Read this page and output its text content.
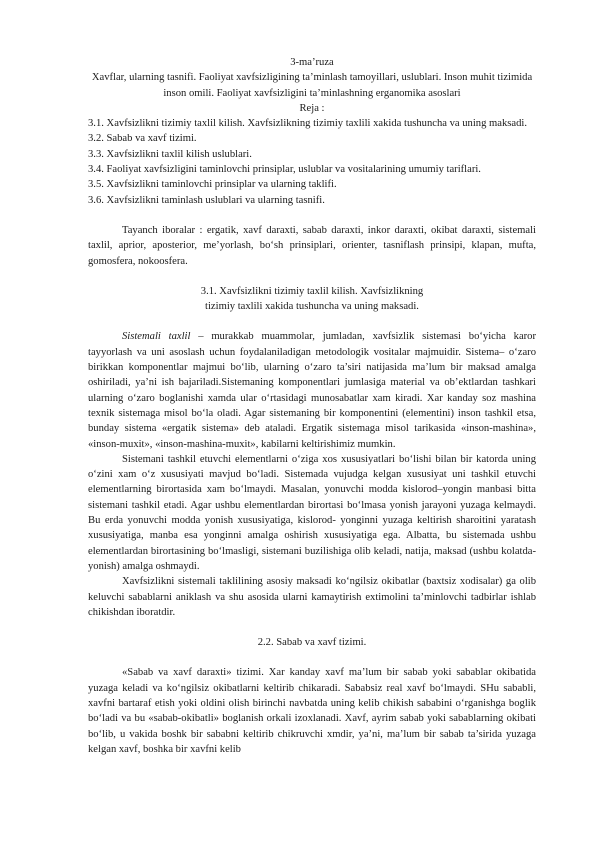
3-ma’ruza

Xavflar, ularning tasnifi. Faoliyat xavfsizligining ta’minlash tamoyillari, uslublari. Inson muhit tizimida inson omili. Faoliyat xavfsizligini ta’minlashning erganomika asoslari

Reja :

3.1. Xavfsizlikni tizimiy taxlil kilish. Xavfsizlikning tizimiy taxlili xakida tushuncha va uning maksadi.

3.2. Sabab va xavf tizimi.

3.3. Xavfsizlikni taxlil kilish uslublari.

3.4. Faoliyat xavfsizligini taminlovchi prinsiplar, uslublar va vositalarining umumiy tariflari.

3.5. Xavfsizlikni taminlovchi prinsiplar va ularning taklifi.

3.6. Xavfsizlikni taminlash uslublari va ularning tasnifi.

Tayanch iboralar : ergatik, xavf daraxti, sabab daraxti, inkor daraxti, okibat daraxti, sistemali taxlil, aprior, aposterior, me’yorlash, bo‘sh prinsiplari, orienter, tasniflash prinsipi, klapan, mufta, gomosfera, nokoosfera.

3.1. Xavfsizlikni tizimiy taxlil kilish. Xavfsizlikning

tizimiy taxlili xakida tushuncha va uning maksadi.

Sistemali taxlil – murakkab muammolar, jumladan, xavfsizlik sistemasi bo‘yicha karor tayyorlash va uni asoslash uchun foydalaniladigan metodologik vositalar majmuidir. Sistema– o‘zaro birikkan komponentlar majmui bo‘lib, ularning o‘zaro ta’siri natijasida ma’lum bir maksad amalga oshiriladi, ya’ni ish bajariladi.Sistemaning komponentlari jumlasiga material va ob’ektlardan tashkari ularning o‘zaro boglanishi xamda ular o‘rtasidagi munosabatlar xam kiradi. Xar kanday soz mashina texnik sistemaga misol bo‘la oladi. Agar sistemaning bir komponentini (elementini) inson tashkil etsa, bunday sistema «ergatik sistema» deb ataladi. Ergatik sistemaga misol tarikasida «inson-mashina», «inson-muxit», «inson-mashina-muxit», kabilarni keltirishimiz mumkin.

Sistemani tashkil etuvchi elementlarni o‘ziga xos xususiyatlari bo‘lishi bilan bir katorda uning o‘zini xam o‘z xususiyati mavjud bo‘ladi. Sistemada vujudga kelgan xususiyat uni tashkil etuvchi elementlarning birortasida xam bo‘lmaydi. Masalan, yonuvchi modda kislorod–yongin manbasi bitta sistemani tashkil etadi. Agar ushbu elementlardan birortasi bo‘lmasa yonish jarayoni yuzaga kelmaydi. Bu erda yonuvchi modda yonish xususiyatiga, kislorod- yonginni yuzaga keltirish sharoitini yaratash xususiyatiga, manba esa yonginni amalga oshirish xususiyatiga ega. Albatta, bu sistemada ushbu elementlardan birortasining bo‘lmasligi, sistemani buzilishiga olib keladi, natija, maksad (ushbu kolatda-yonish) amalga oshmaydi.

Xavfsizlikni sistemali taklilining asosiy maksadi ko‘ngilsiz okibatlar (baxtsiz xodisalar) ga olib keluvchi sabablarni aniklash va shu asosida ularni kamaytirish extimolini ta’minlovchi tadbirlar ishlab chikishdan iboratdir.

2.2. Sabab va xavf tizimi.

«Sabab va xavf daraxti» tizimi. Xar kanday xavf ma’lum bir sabab yoki sabablar okibatida yuzaga keladi va ko‘ngilsiz okibatlarni keltirib chikaradi. Sababsiz real xavf bo‘lmaydi. SHu sababli, xavfni bartaraf etish yoki oldini olish birinchi navbatda uning kelib chikish sababini o‘rganishga boglik bo‘ladi va bu «sabab-okibatli» boglanish orkali izoxlanadi. Xavf, ayrim sabab yoki sabablarning okibati bo‘lib, u vakida boshk bir sababni keltirib chikruvchi xmdir, ya’ni, ma’lum bir sabab ta’sirida yuzaga kelgan xavf, boshka bir xavfni kelib
